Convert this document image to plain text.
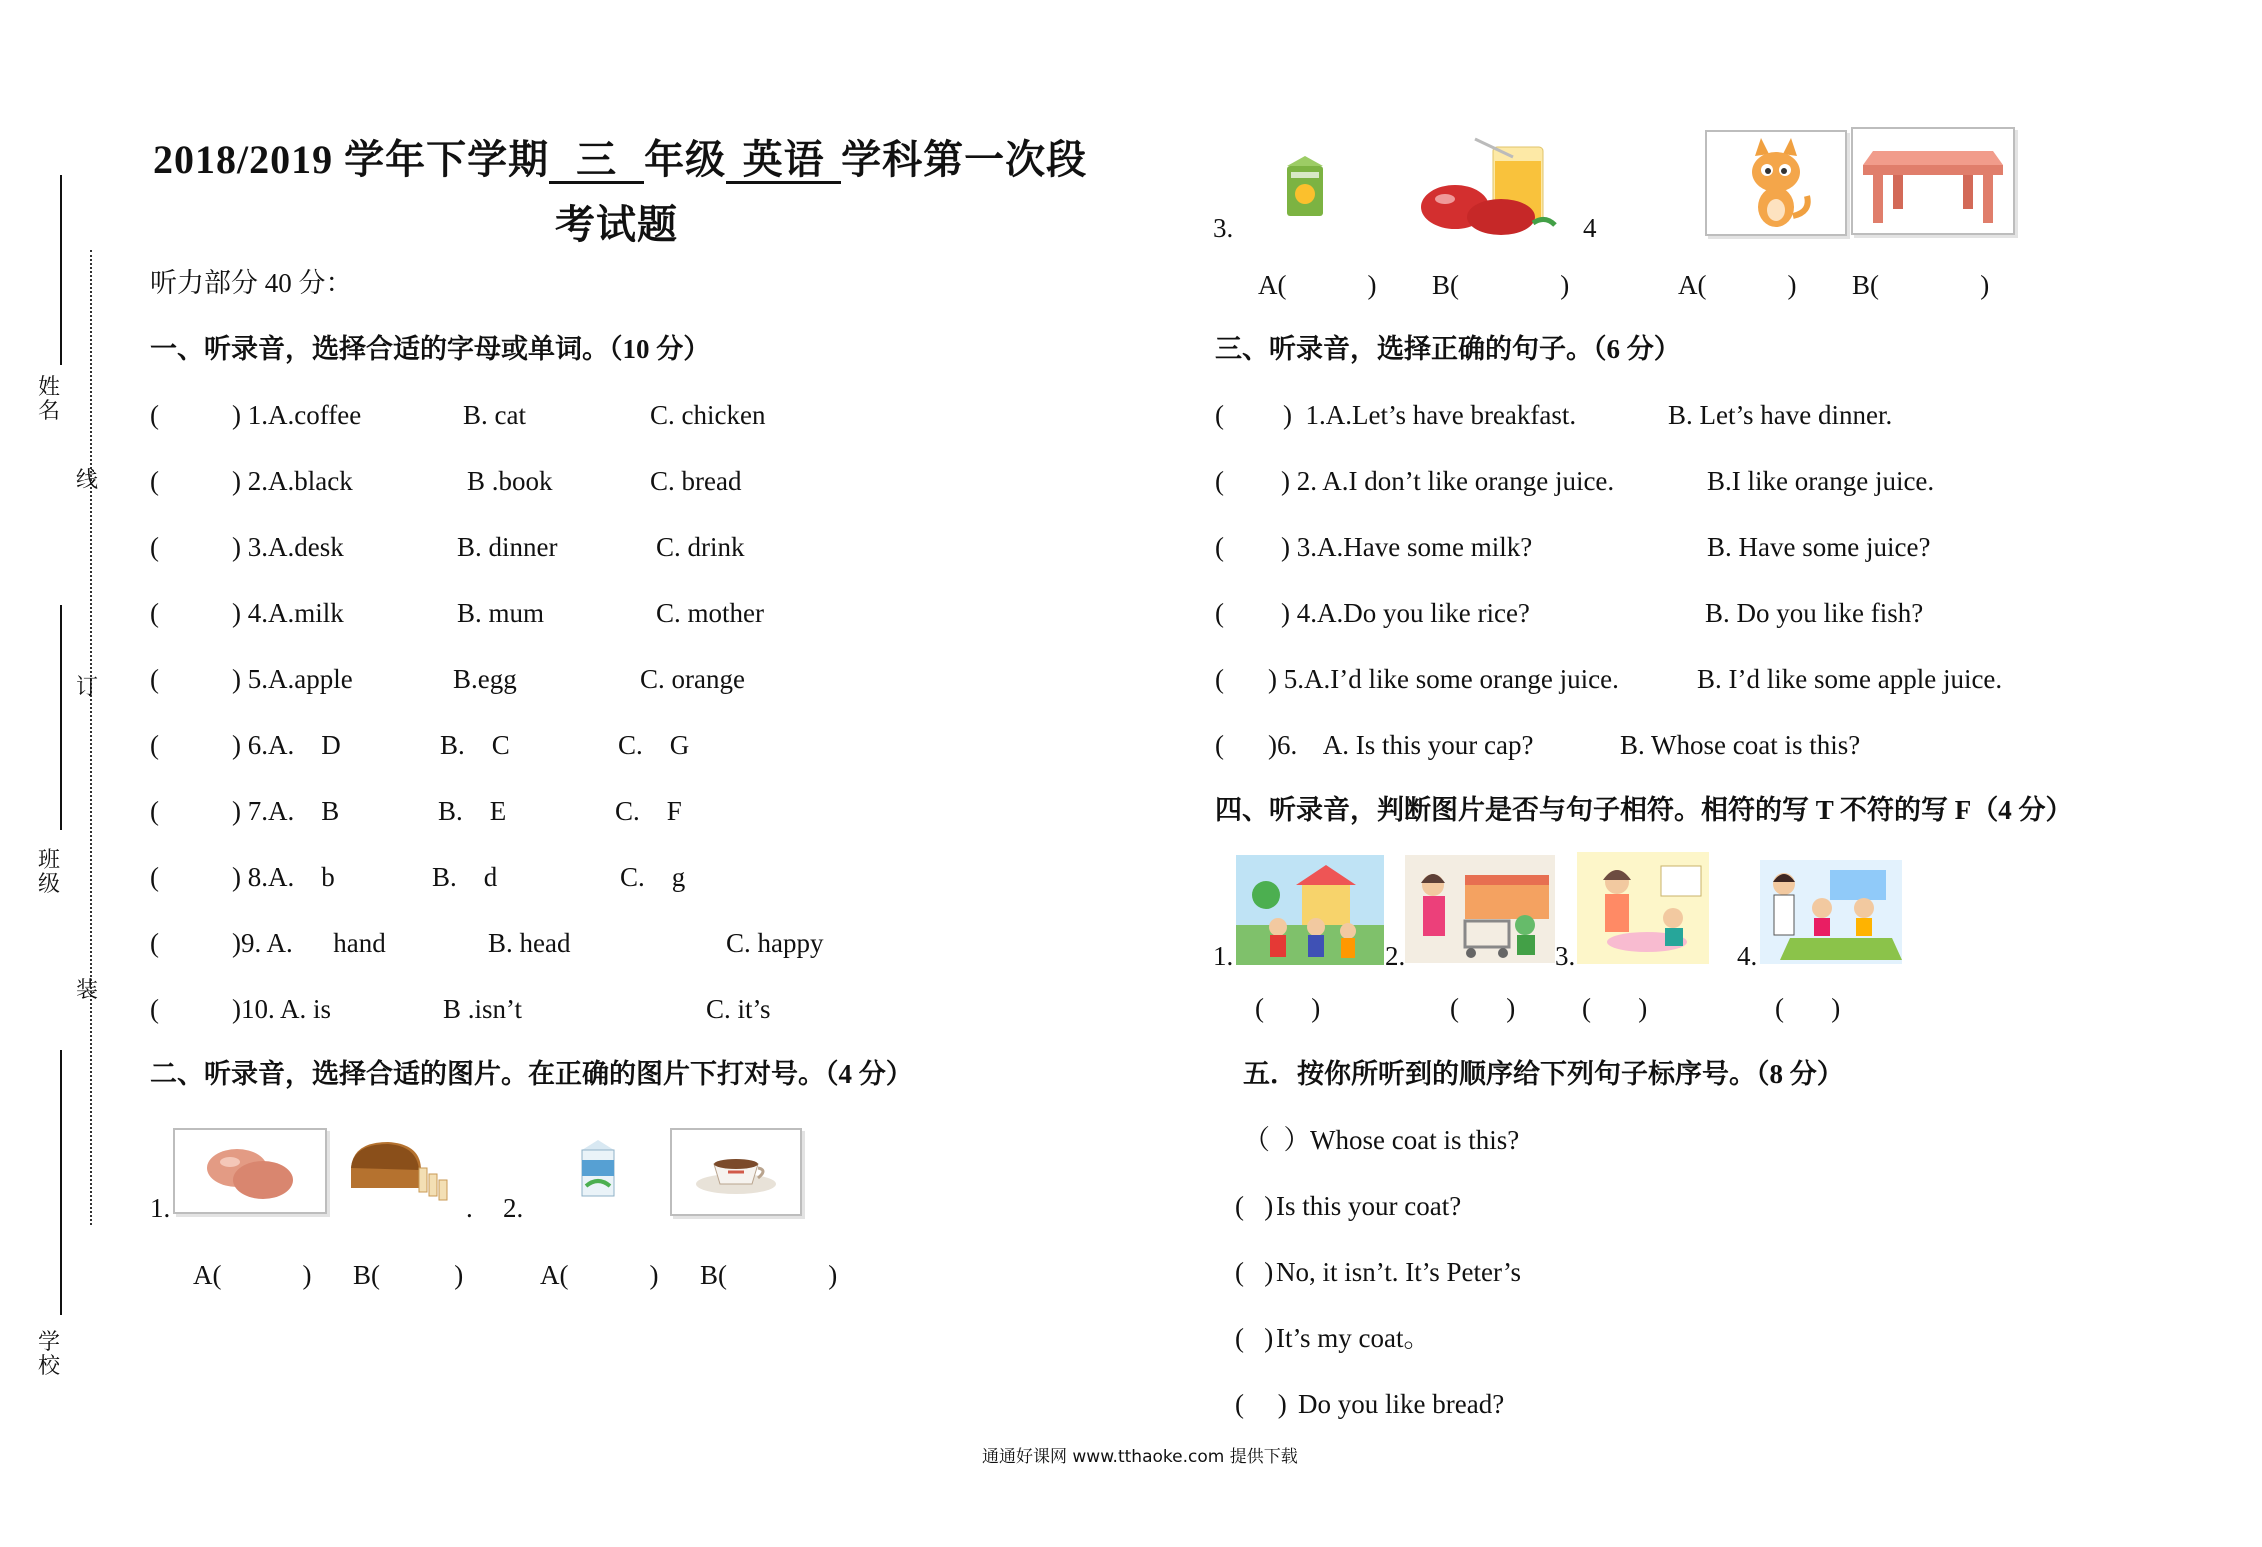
姓名
线
订
班级
装
学校
2018/2019 学年下学期 三 年级 英语 学科第一次段
考试题
听力部分 40 分：
一、听录音，选择合适的字母或单词。（10 分）
(	) 1.A.coffee	B. cat	C. chicken
(	) 2.A.black	B .book	C. bread
(	) 3.A.desk	B. dinner	C. drink
(	) 4.A.milk	B. mum	C. mother
(	) 5.A.apple	B.egg	C. orange
(	) 6.A.    D	B.    C	C.    G
(	) 7.A.    B	B.    E	C.    F
(	) 8.A.    b	B.    d	C.    g
(	)9. A.      hand	B. head	C. happy
(	)10. A. is	B .isn’t	C. it’s
二、听录音，选择合适的图片。在正确的图片下打对号。（4 分）
1.	. 2.
A(            ) B(           )	A(            ) B(               )
3.	4
A(            ) B(               )	A(            ) B(               )
三、听录音，选择正确的句子。（6 分）
( )  1.A.Let’s have breakfast.	B. Let’s have dinner.
( ) 2. A.I don’t like orange juice.	B.I like orange juice.
( ) 3.A.Have some milk?	B. Have some juice?
( ) 4.A.Do you like rice?	B. Do you like fish?
( ) 5.A.I’d like some orange juice.	B. I’d like some apple juice.
( )6.    A. Is this your cap?	B. Whose coat is this?
四、听录音，判断图片是否与句子相符。相符的写 T 不符的写 F（4 分）
1.	2.	3.	4.
(       )	(       ) (       )	(       )
五．按你所听到的顺序给下列句子标序号。（8 分）
（  ） Whose coat is this?
(   ) Is this your coat?
(   ) No, it isn’t. It’s Peter’s
(   ) It’s my coat。
(     ) Do you like bread?
通通好课网 www.tthaoke.com 提供下载
